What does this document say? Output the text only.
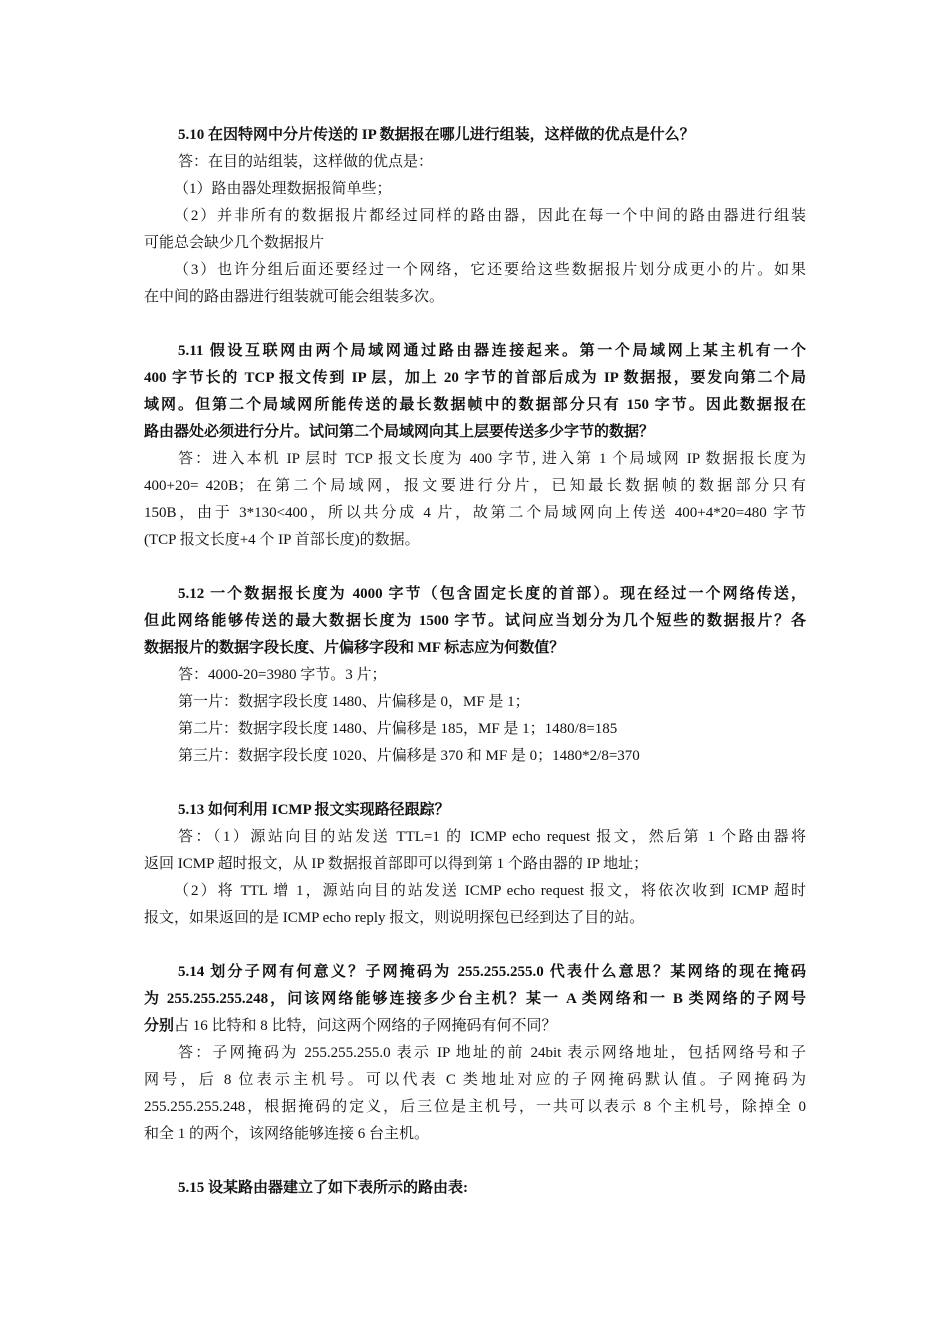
5.10 在因特网中分片传送的 IP 数据报在哪儿进行组装，这样做的优点是什么？
答：在目的站组装，这样做的优点是：
（1）路由器处理数据报简单些；
（2）并非所有的数据报片都经过同样的路由器，因此在每一个中间的路由器进行组装
可能总会缺少几个数据报片
（3）也许分组后面还要经过一个网络，它还要给这些数据报片划分成更小的片。如果
在中间的路由器进行组装就可能会组装多次。
5.11 假设互联网由两个局域网通过路由器连接起来。第一个局域网上某主机有一个
400 字节长的 TCP 报文传到 IP 层，加上 20 字节的首部后成为 IP 数据报，要发向第二个局
域网。但第二个局域网所能传送的最长数据帧中的数据部分只有 150 字节。因此数据报在
路由器处必须进行分片。试问第二个局域网向其上层要传送多少字节的数据？
答：进入本机 IP 层时 TCP 报文长度为 400 字节, 进入第 1 个局域网 IP 数据报长度为
400+20= 420B；在第二个局域网，报文要进行分片，已知最长数据帧的数据部分只有
150B，由于 3*130<400，所以共分成 4 片，故第二个局域网向上传送 400+4*20=480 字节
(TCP 报文长度+4 个 IP 首部长度)的数据。
5.12 一个数据报长度为 4000 字节（包含固定长度的首部）。现在经过一个网络传送，
但此网络能够传送的最大数据长度为 1500 字节。试问应当划分为几个短些的数据报片？各
数据报片的数据字段长度、片偏移字段和 MF 标志应为何数值？
答：4000-20=3980 字节。3 片；
第一片：数据字段长度 1480、片偏移是 0，MF 是 1；
第二片：数据字段长度 1480、片偏移是 185，MF 是 1；1480/8=185
第三片：数据字段长度 1020、片偏移是 370 和 MF 是 0；1480*2/8=370
5.13 如何利用 ICMP 报文实现路径跟踪？
答：（1）源站向目的站发送 TTL=1 的 ICMP echo request 报文，然后第 1 个路由器将
返回 ICMP 超时报文，从 IP 数据报首部即可以得到第 1 个路由器的 IP 地址；
（2）将 TTL 增 1，源站向目的站发送 ICMP echo request 报文，将依次收到 ICMP 超时
报文，如果返回的是 ICMP echo reply 报文，则说明探包已经到达了目的站。
5.14 划分子网有何意义？子网掩码为 255.255.255.0 代表什么意思？某网络的现在掩码
为 255.255.255.248，问该网络能够连接多少台主机？某一 A 类网络和一 B 类网络的子网号
分别占 16 比特和 8 比特，问这两个网络的子网掩码有何不同？
答：子网掩码为 255.255.255.0 表示 IP 地址的前 24bit 表示网络地址，包括网络号和子
网号，后 8 位表示主机号。可以代表 C 类地址对应的子网掩码默认值。子网掩码为
255.255.255.248，根据掩码的定义，后三位是主机号，一共可以表示 8 个主机号，除掉全 0
和全 1 的两个，该网络能够连接 6 台主机。
5.15 设某路由器建立了如下表所示的路由表:
